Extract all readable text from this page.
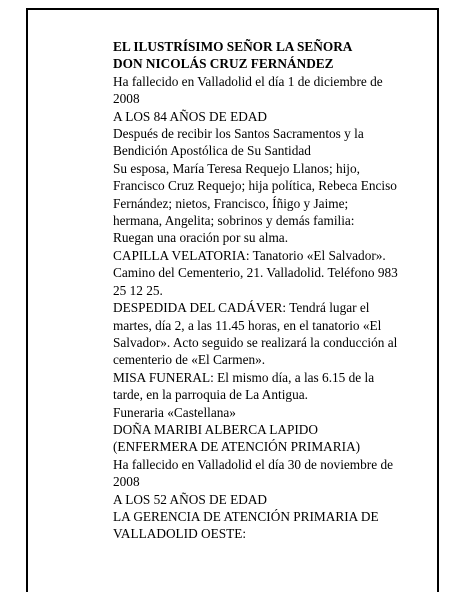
EL ILUSTRÍSIMO SEÑOR LA SEÑORA

DON NICOLÁS CRUZ FERNÁNDEZ

Ha fallecido en Valladolid el día 1 de diciembre de 2008

A LOS 84 AÑOS DE EDAD

Después de recibir los Santos Sacramentos y la Bendición Apostólica de Su Santidad

Su esposa, María Teresa Requejo Llanos; hijo, Francisco Cruz Requejo; hija política, Rebeca Enciso Fernández; nietos, Francisco, Íñigo y Jaime; hermana, Angelita; sobrinos y demás familia:

Ruegan una oración por su alma.

CAPILLA VELATORIA: Tanatorio «El Salvador». Camino del Cementerio, 21. Valladolid. Teléfono 983 25 12 25.

DESPEDIDA DEL CADÁVER: Tendrá lugar el martes, día 2, a las 11.45 horas, en el tanatorio «El Salvador». Acto seguido se realizará la conducción al cementerio de «El Carmen».

MISA FUNERAL: El mismo día, a las 6.15 de la tarde, en la parroquia de La Antigua.

Funeraria «Castellana»

DOÑA MARIBI ALBERCA LAPIDO (ENFERMERA DE ATENCIÓN PRIMARIA)

Ha fallecido en Valladolid el día 30 de noviembre de 2008

A LOS 52 AÑOS DE EDAD

LA GERENCIA DE ATENCIÓN PRIMARIA DE VALLADOLID OESTE:
